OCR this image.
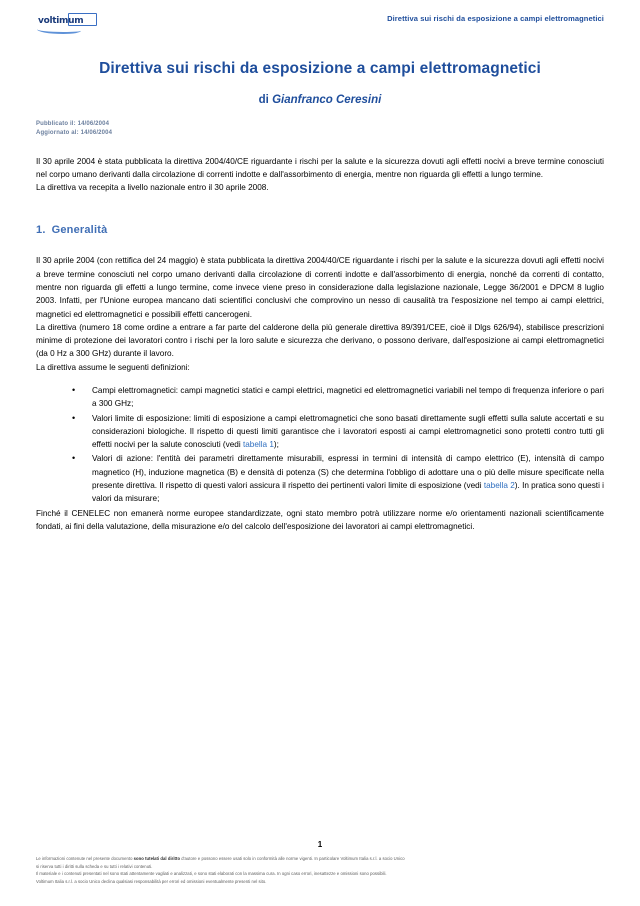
voltimum	Direttiva sui rischi da esposizione a campi elettromagnetici
Direttiva sui rischi da esposizione a campi elettromagnetici
di Gianfranco Ceresini
Pubblicato il: 14/06/2004
Aggiornato al: 14/06/2004

Il 30 aprile 2004 è stata pubblicata la direttiva 2004/40/CE riguardante i rischi per la salute e la sicurezza dovuti agli effetti nocivi a breve termine conosciuti nel corpo umano derivanti dalla circolazione di correnti indotte e dall'assorbimento di energia, mentre non riguarda gli effetti a lungo termine.

La direttiva va recepita a livello nazionale entro il 30 aprile 2008.

1. Generalità

Il 30 aprile 2004 (con rettifica del 24 maggio) è stata pubblicata la direttiva 2004/40/CE riguardante i rischi per la salute e la sicurezza dovuti agli effetti nocivi a breve termine conosciuti nel corpo umano derivanti dalla circolazione di correnti indotte e dall'assorbimento di energia, nonché da correnti di contatto, mentre non riguarda gli effetti a lungo termine, come invece viene preso in considerazione dalla legislazione nazionale, Legge 36/2001 e DPCM 8 luglio 2003. Infatti, per l'Unione europea mancano dati scientifici conclusivi che comprovino un nesso di causalità tra l'esposizione nel tempo ai campi elettrici, magnetici ed elettromagnetici e possibili effetti cancerogeni.

La direttiva (numero 18 come ordine a entrare a far parte del calderone della più generale direttiva 89/391/CEE, cioè il Dlgs 626/94), stabilisce prescrizioni minime di protezione dei lavoratori contro i rischi per la loro salute e sicurezza che derivano, o possono derivare, dall'esposizione ai campi elettromagnetici (da 0 Hz a 300 GHz) durante il lavoro.

La direttiva assume le seguenti definizioni:

• Campi elettromagnetici: campi magnetici statici e campi elettrici, magnetici ed elettromagnetici variabili nel tempo di frequenza inferiore o pari a 300 GHz;
• Valori limite di esposizione: limiti di esposizione a campi elettromagnetici che sono basati direttamente sugli effetti sulla salute accertati e su considerazioni biologiche. Il rispetto di questi limiti garantisce che i lavoratori esposti ai campi elettromagnetici sono protetti contro tutti gli effetti nocivi per la salute conosciuti (vedi tabella 1);
• Valori di azione: l'entità dei parametri direttamente misurabili, espressi in termini di intensità di campo elettrico (E), intensità di campo magnetico (H), induzione magnetica (B) e densità di potenza (S) che determina l'obbligo di adottare una o più delle misure specificate nella presente direttiva. Il rispetto di questi valori assicura il rispetto dei pertinenti valori limite di esposizione (vedi tabella 2). In pratica sono questi i valori da misurare;

Finché il CENELEC non emanerà norme europee standardizzate, ogni stato membro potrà utilizzare norme e/o orientamenti nazionali scientificamente fondati, ai fini della valutazione, della misurazione e/o del calcolo dell'esposizione dei lavoratori ai campi elettromagnetici.

1
Le informazioni contenute nel presente documento sono tutelati dal diritto d'autore e possono essere usati solo in conformità alle norme vigenti. In particolare Voltimum Italia s.r.l. a socio Unico
si riserva tutti i diritti sulla scheda e su tutti i relativi contenuti.
Il materiale e i contenuti presentati nel sono stati attentamente vagliati e analizzati, e sono stati elaborati con la massima cura. In ogni caso errori, inesattezze e omissioni sono possibili.
Voltimum Italia s.r.l. a socio Unico declina qualsiasi responsabilità per errori ed omissioni eventualmente presenti nel sito.
